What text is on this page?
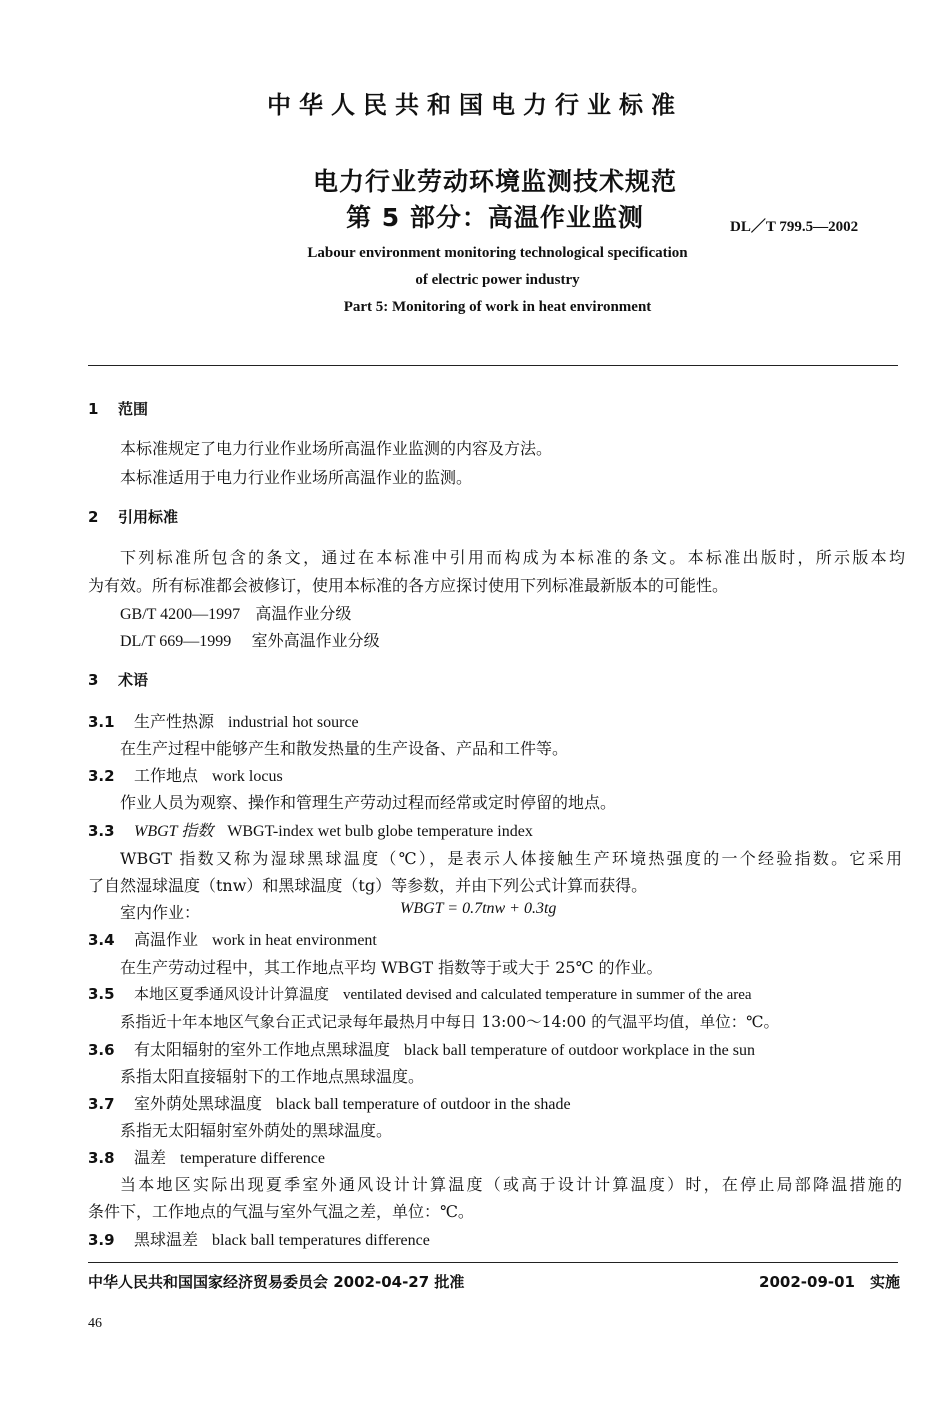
中华人民共和国电力行业标准
电力行业劳动环境监测技术规范
第 5 部分：高温作业监测	DL／T 799.5—2002
Labour environment monitoring technological specification
of electric power industry
Part 5: Monitoring of work in heat environment
1 范围
本标准规定了电力行业作业场所高温作业监测的内容及方法。
本标准适用于电力行业作业场所高温作业的监测。
2 引用标准
下列标准所包含的条文，通过在本标准中引用而构成为本标准的条文。本标准出版时，所示版本均
为有效。所有标准都会被修订，使用本标准的各方应探讨使用下列标准最新版本的可能性。
GB/T 4200—1997 高温作业分级
DL/T 669—1999 室外高温作业分级
3 术语
3.1 生产性热源 industrial hot source
在生产过程中能够产生和散发热量的生产设备、产品和工件等。
3.2 工作地点 work locus
作业人员为观察、操作和管理生产劳动过程而经常或定时停留的地点。
3.3 WBGT 指数 WBGT-index wet bulb globe temperature index
WBGT 指数又称为湿球黑球温度（℃），是表示人体接触生产环境热强度的一个经验指数。它采用
了自然湿球温度（tnw）和黑球温度（tg）等参数，并由下列公式计算而获得。
室内作业：	WBGT = 0.7tnw + 0.3tg
3.4 高温作业 work in heat environment
在生产劳动过程中，其工作地点平均 WBGT 指数等于或大于 25℃ 的作业。
3.5 本地区夏季通风设计计算温度 ventilated devised and calculated temperature in summer of the area
系指近十年本地区气象台正式记录每年最热月中每日 13:00～14:00 的气温平均值，单位：℃。
3.6 有太阳辐射的室外工作地点黑球温度 black ball temperature of outdoor workplace in the sun
系指太阳直接辐射下的工作地点黑球温度。
3.7 室外荫处黑球温度 black ball temperature of outdoor in the shade
系指无太阳辐射室外荫处的黑球温度。
3.8 温差 temperature difference
当本地区实际出现夏季室外通风设计计算温度（或高于设计计算温度）时，在停止局部降温措施的
条件下，工作地点的气温与室外气温之差，单位：℃。
3.9 黑球温差 black ball temperatures difference
中华人民共和国国家经济贸易委员会 2002-04-27 批准	2002-09-01　实施
46
